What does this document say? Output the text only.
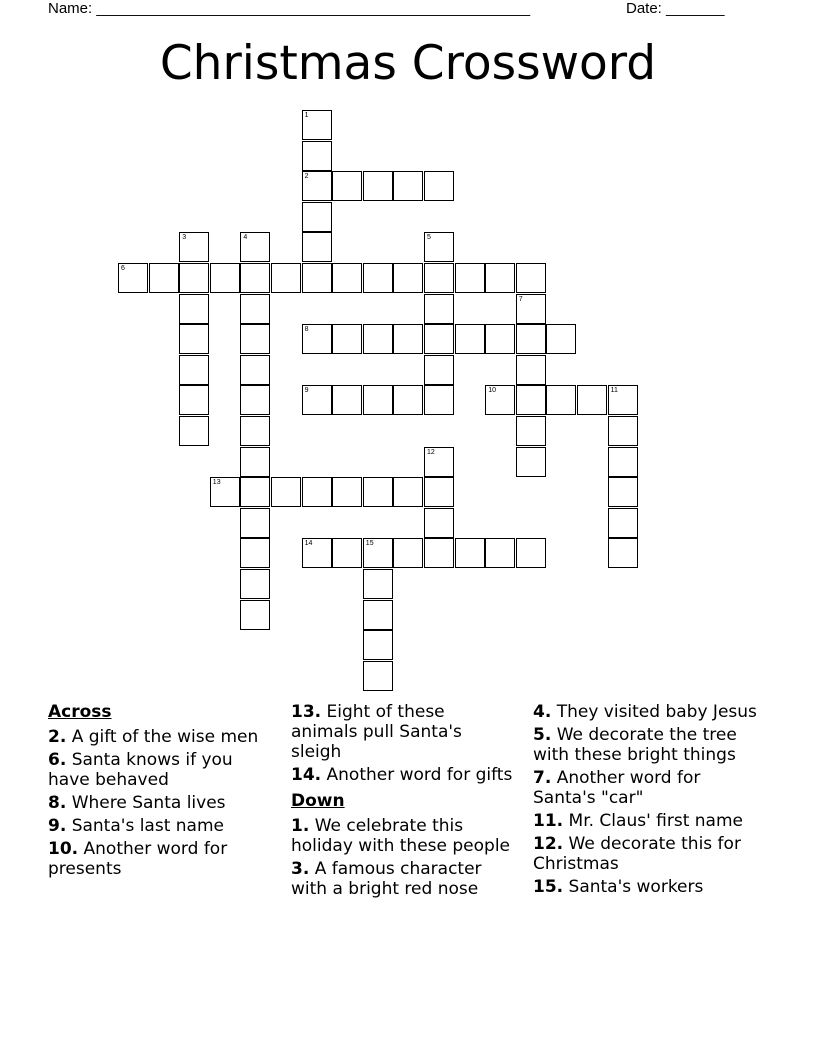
Name: ____________________________________________________	Date: _______
Christmas Crossword
1
2
3	4	5
6
7
8
9	10	11
12
13
14	15
Across
2. A gift of the wise men
6. Santa knows if you have behaved
8. Where Santa lives
9. Santa's last name
10. Another word for presents
13. Eight of these animals pull Santa's sleigh
14. Another word for gifts
Down
1. We celebrate this holiday with these people
3. A famous character with a bright red nose
4. They visited baby Jesus
5. We decorate the tree with these bright things
7. Another word for Santa's "car"
11. Mr. Claus' first name
12. We decorate this for Christmas
15. Santa's workers
